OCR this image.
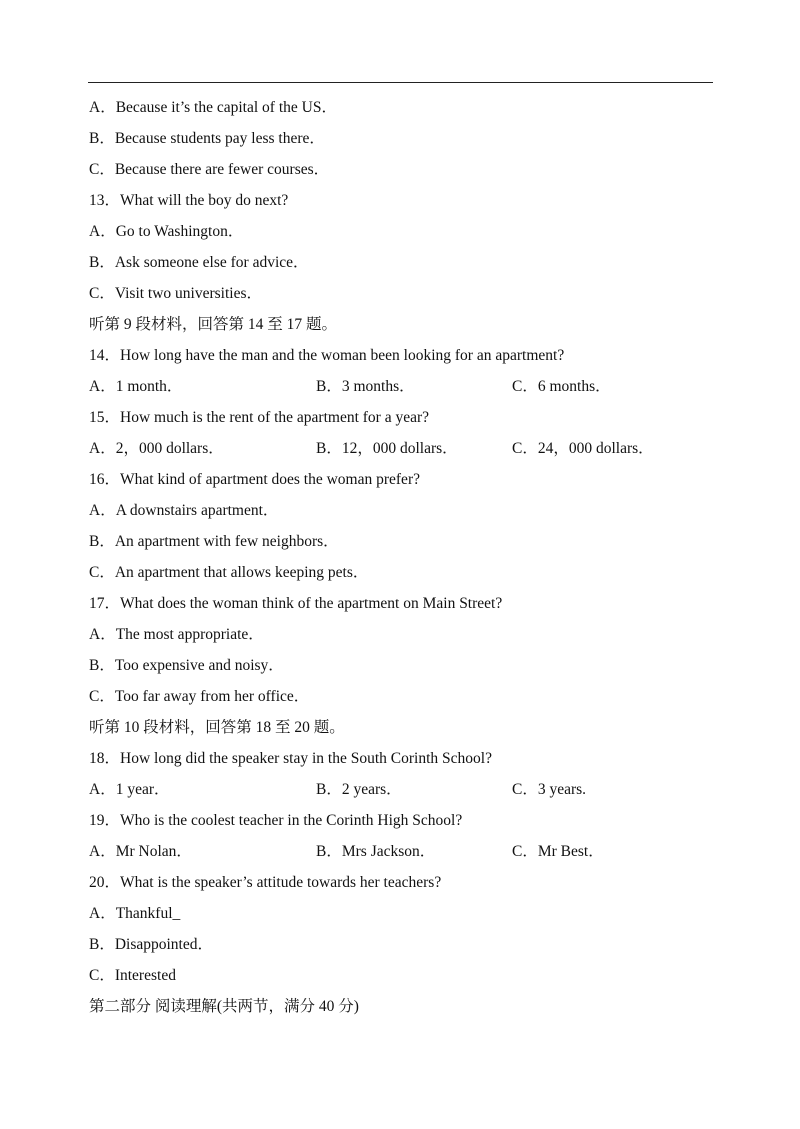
A．Because it’s the capital of the US．
B．Because students pay less there．
C．Because there are fewer courses．
13．What will the boy do next?
A．Go to Washington．
B．Ask someone else for advice．
C．Visit two universities．
听第 9 段材料，回答第 14 至 17 题。
14．How long have the man and the woman been looking for an apartment?
A．1 month．	B．3 months．	C．6 months．
15．How much is the rent of the apartment for a year?
A．2，000 dollars．	B．12，000 dollars．	C．24，000 dollars．
16．What kind of apartment does the woman prefer?
A．A downstairs apartment．
B．An apartment with few neighbors．
C．An apartment that allows keeping pets．
17．What does the woman think of the apartment on Main Street?
A．The most appropriate．
B．Too expensive and noisy．
C．Too far away from her office．
听第 10 段材料，回答第 18 至 20 题。
18．How long did the speaker stay in the South Corinth School?
A．1 year．	B．2 years．	C．3 years.
19．Who is the coolest teacher in the Corinth High School?
A．Mr Nolan．	B．Mrs Jackson．	C．Mr Best．
20．What is the speaker’s attitude towards her teachers?
A．Thankful_
B．Disappointed．
C．Interested
第二部分 阅读理解(共两节，满分 40 分)
